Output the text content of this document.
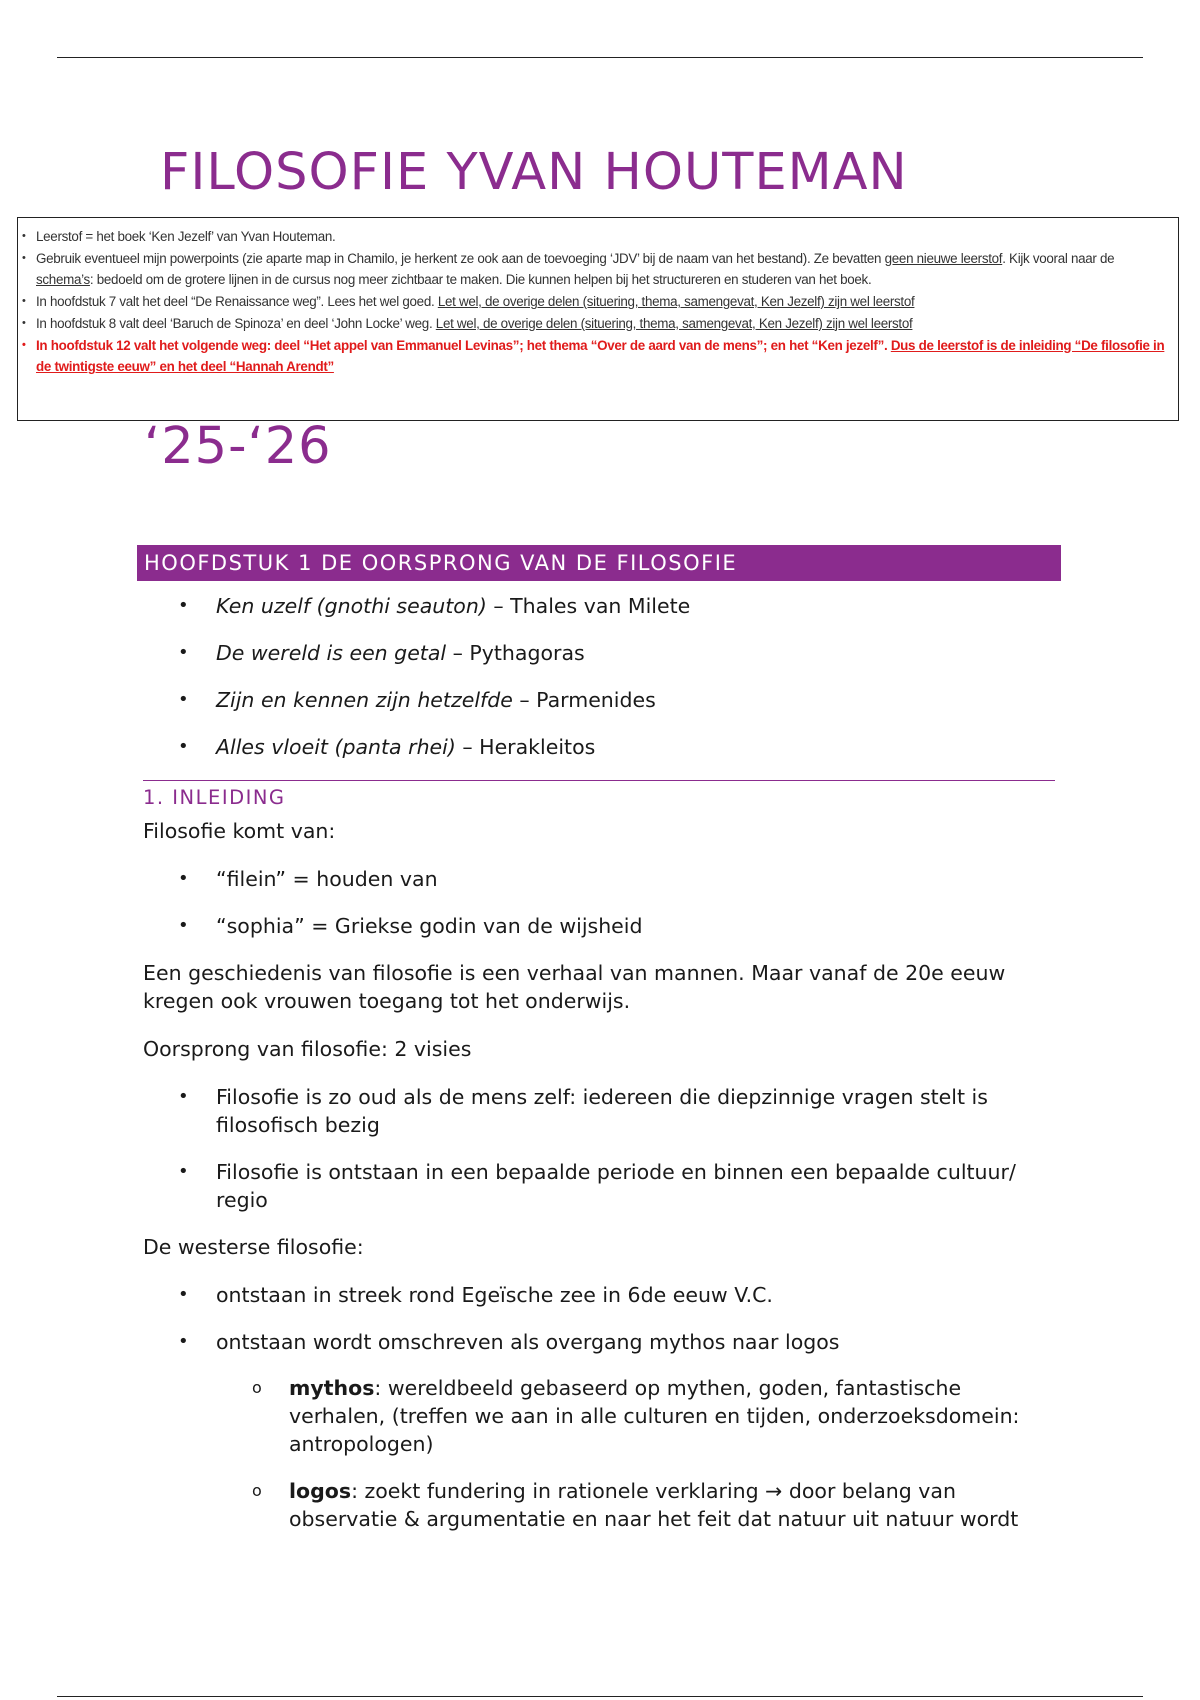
FILOSOFIE YVAN HOUTEMAN
• Leerstof = het boek ‘Ken Jezelf’ van Yvan Houteman.
• Gebruik eventueel mijn powerpoints (zie aparte map in Chamilo, je herkent ze ook aan de toevoeging ‘JDV’ bij de naam van het bestand). Ze bevatten geen nieuwe leerstof. Kijk vooral naar de schema’s: bedoeld om de grotere lijnen in de cursus nog meer zichtbaar te maken. Die kunnen helpen bij het structureren en studeren van het boek.
• In hoofdstuk 7 valt het deel “De Renaissance weg”. Lees het wel goed. Let wel, de overige delen (situering, thema, samengevat, Ken Jezelf) zijn wel leerstof
• In hoofdstuk 8 valt deel ‘Baruch de Spinoza’ en deel ‘John Locke’ weg. Let wel, de overige delen (situering, thema, samengevat, Ken Jezelf) zijn wel leerstof
• In hoofdstuk 12 valt het volgende weg: deel “Het appel van Emmanuel Levinas”; het thema “Over de aard van de mens”; en het “Ken jezelf”. Dus de leerstof is de inleiding “De filosofie in de twintigste eeuw” en het deel “Hannah Arendt”
‘25-‘26
HOOFDSTUK 1 DE OORSPRONG VAN DE FILOSOFIE
• Ken uzelf (gnothi seauton) – Thales van Milete
• De wereld is een getal – Pythagoras
• Zijn en kennen zijn hetzelfde – Parmenides
• Alles vloeit (panta rhei) – Herakleitos
1. INLEIDING

Filosofie komt van:

• “filein” = houden van
• “sophia” = Griekse godin van de wijsheid

Een geschiedenis van filosofie is een verhaal van mannen. Maar vanaf de 20e eeuw kregen ook vrouwen toegang tot het onderwijs.

Oorsprong van filosofie: 2 visies

• Filosofie is zo oud als de mens zelf: iedereen die diepzinnige vragen stelt is filosofisch bezig
• Filosofie is ontstaan in een bepaalde periode en binnen een bepaalde cultuur/ regio

De westerse filosofie:

• ontstaan in streek rond Egeïsche zee in 6de eeuw V.C.
• ontstaan wordt omschreven als overgang mythos naar logos
o mythos: wereldbeeld gebaseerd op mythen, goden, fantastische verhalen, (treffen we aan in alle culturen en tijden, onderzoeksdomein: antropologen)
o logos: zoekt fundering in rationele verklaring → door belang van observatie & argumentatie en naar het feit dat natuur uit natuur wordt
